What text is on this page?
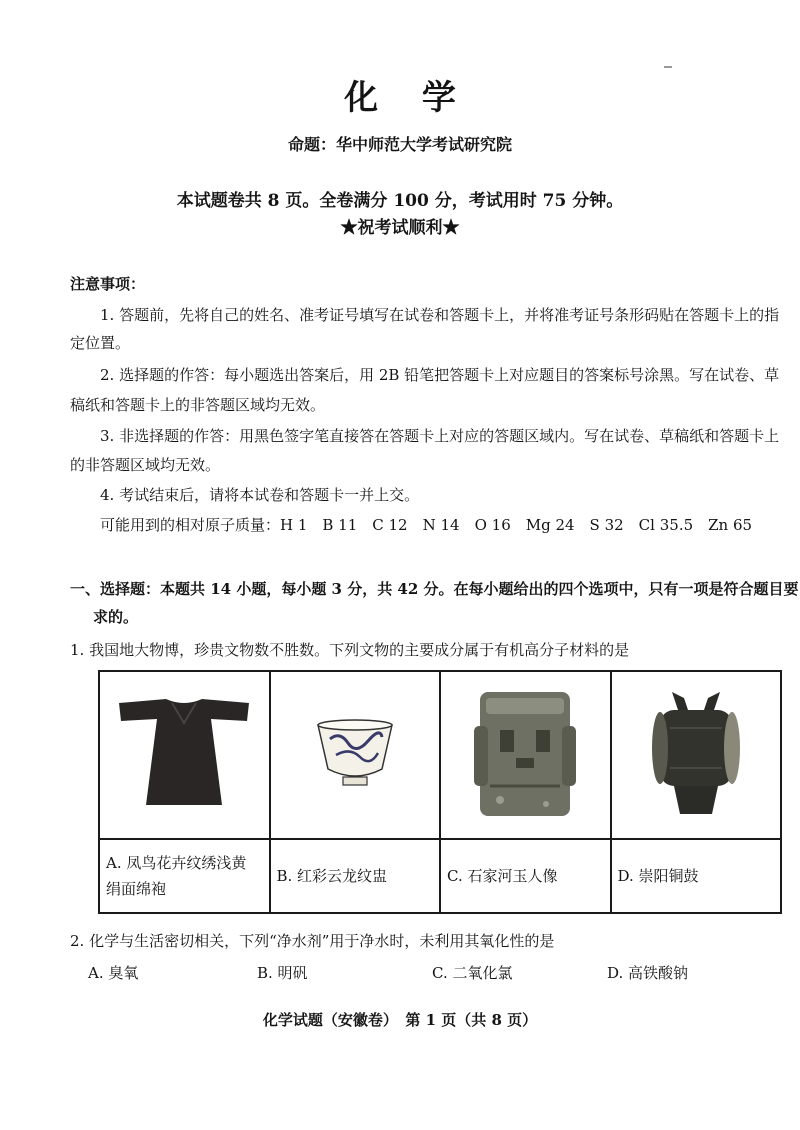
化 学
命题：华中师范大学考试研究院
本试题卷共 8 页。全卷满分 100 分，考试用时 75 分钟。
★祝考试顺利★
注意事项：
1. 答题前，先将自己的姓名、准考证号填写在试卷和答题卡上，并将准考证号条形码贴在答题卡上的指
定位置。
2. 选择题的作答：每小题选出答案后，用 2B 铅笔把答题卡上对应题目的答案标号涂黑。写在试卷、草
稿纸和答题卡上的非答题区域均无效。
3. 非选择题的作答：用黑色签字笔直接答在答题卡上对应的答题区域内。写在试卷、草稿纸和答题卡上
的非答题区域均无效。
4. 考试结束后，请将本试卷和答题卡一并上交。
可能用到的相对原子质量：H 1　B 11　C 12　N 14　O 16　Mg 24　S 32　Cl 35.5　Zn 65
一、选择题：本题共 14 小题，每小题 3 分，共 42 分。在每小题给出的四个选项中，只有一项是符合题目要
求的。
1. 我国地大物博，珍贵文物数不胜数。下列文物的主要成分属于有机高分子材料的是

A. 凤鸟花卉纹绣浅黄
绢面绵袍	B. 红彩云龙纹盅	C. 石家河玉人像	D. 崇阳铜鼓
2. 化学与生活密切相关，下列“净水剂”用于净水时，未利用其氧化性的是
A. 臭氧	B. 明矾	C. 二氧化氯	D. 高铁酸钠
化学试题（安徽卷）　第 1 页（共 8 页）
